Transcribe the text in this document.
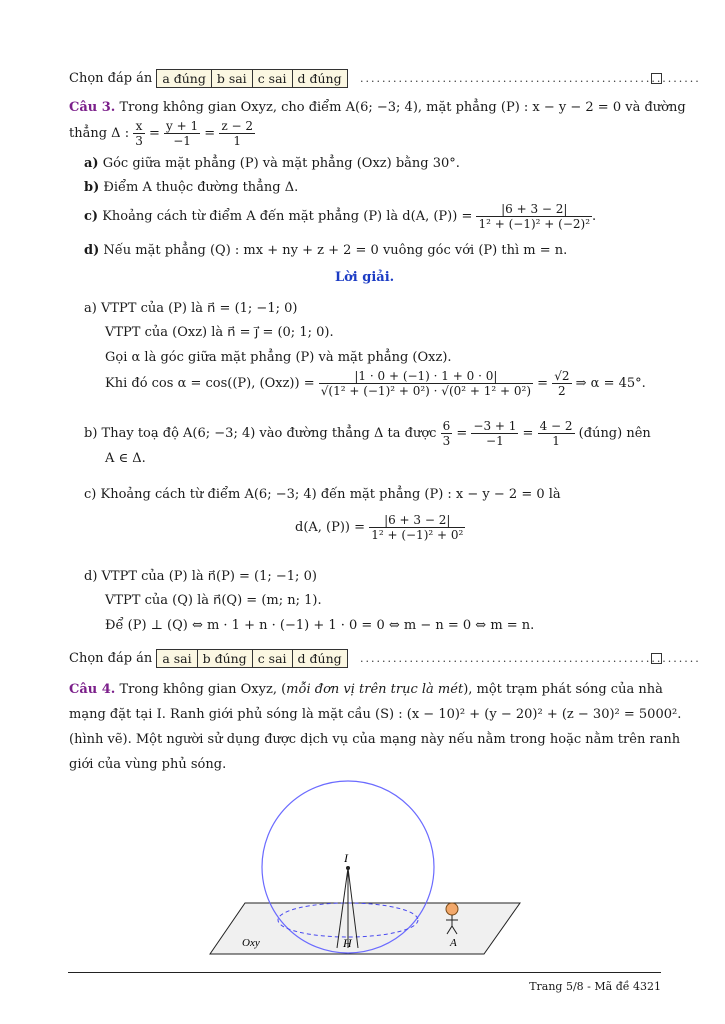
Chọn đáp án a đúng b sai c sai d đúng	..............................................................
Câu 3. Trong không gian Oxyz, cho điểm A(6; −3; 4), mặt phẳng (P) : x − y − 2 = 0 và đường
thẳng Δ : $\frac{x}{3} = \frac{y + 1}{-1} = \frac{z - 2}{1}$
a) Góc giữa mặt phẳng (P) và mặt phẳng (Oxz) bằng 30°.
b) Điểm A thuộc đường thẳng Δ.
c) Khoảng cách từ điểm A đến mặt phẳng (P) là d(A, $(P)) = \frac{|6 + 3 - 2|}{\text{1² + (−1)² + (−2)²}}$ .
d) Nếu mặt phẳng (Q) : mx + ny + z + 2 = 0 vuông góc với (P) thì m = n.
Lời giải.
a) VTPT của (P) là n⃗ = (1; −1; 0)
VTPT của (Oxz) là n⃗ = j⃗ = (0; 1; 0).
Gọi α là góc giữa mặt phẳng (P) và mặt phẳng (Oxz).
Khi đó cos α = cos((P), $(Oxz)) = \frac{|1 \cdot 0 + (-1) \cdot 1 + 0 \cdot 0|}{\text{√(1² + (−1)² + 0²) · √(0² + 1² + 0²)}} = \frac{√2}{2}$ ⇒ α = 45°.
b) Thay toạ độ A(6; −3; 4) vào đường thẳng Δ ta được $\frac{6}{3} = \frac{-3 + 1}{-1} = \frac{4 - 2}{1}$ (đúng) nên
A ∈ Δ.
c) Khoảng cách từ điểm A(6; −3; 4) đến mặt phẳng (P) : x − y − 2 = 0 là
d(A, $(P)) = \frac{|6 + 3 - 2|}{\text{1² + (−1)² + 0²}}$
d) VTPT của (P) là n⃗(P) = (1; −1; 0)
VTPT của (Q) là n⃗(Q) = (m; n; 1).
Để (P) ⊥ (Q) ⇔ m · 1 + n · (−1) + 1 · 0 = 0 ⇔ m − n = 0 ⇔ m = n.
Chọn đáp án a sai b đúng c sai d đúng	..............................................................
Câu 4. Trong không gian Oxyz, (mỗi đơn vị trên trục là mét), một trạm phát sóng của nhà
mạng đặt tại I. Ranh giới phủ sóng là mặt cầu (S) : (x − 10)² + (y − 20)² + (z − 30)² = 5000².
(hình vẽ). Một người sử dụng được dịch vụ của mạng này nếu nằm trong hoặc nằm trên ranh
giới của vùng phủ sóng.
I
H
Oxy	A
Trang 5/8 - Mã đề 4321
